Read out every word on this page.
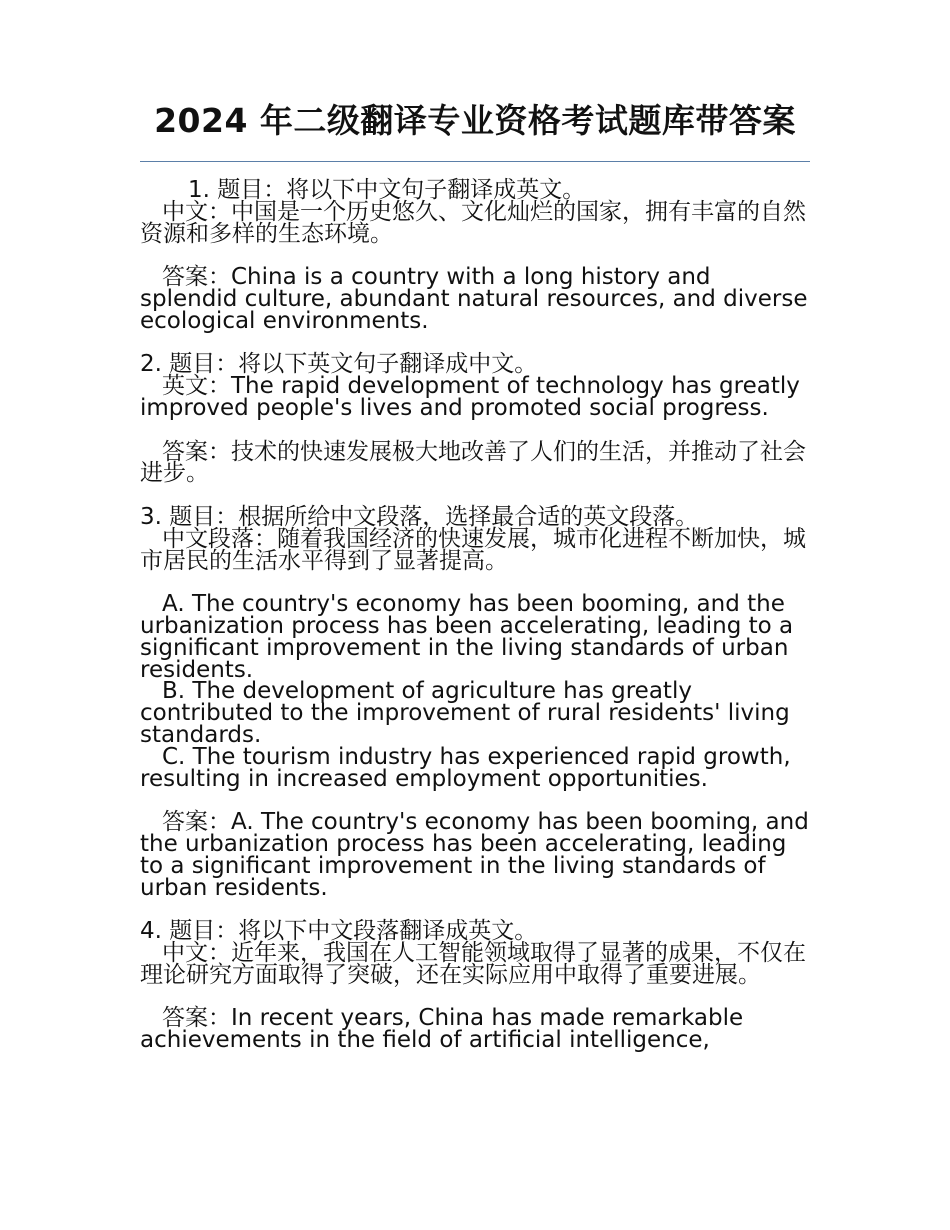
2024 年二级翻译专业资格考试题库带答案

1. 题目：将以下中文句子翻译成英文。

中文：中国是一个历史悠久、文化灿烂的国家，拥有丰富的自然资源和多样的生态环境。

答案：China is a country with a long history and splendid culture, abundant natural resources, and diverse ecological environments.

2. 题目：将以下英文句子翻译成中文。

英文：The rapid development of technology has greatly improved people's lives and promoted social progress.

答案：技术的快速发展极大地改善了人们的生活，并推动了社会进步。

3. 题目：根据所给中文段落，选择最合适的英文段落。

中文段落：随着我国经济的快速发展，城市化进程不断加快，城市居民的生活水平得到了显著提高。

A. The country's economy has been booming, and the urbanization process has been accelerating, leading to a significant improvement in the living standards of urban residents.

B. The development of agriculture has greatly contributed to the improvement of rural residents' living standards.

C. The tourism industry has experienced rapid growth, resulting in increased employment opportunities.

答案：A. The country's economy has been booming, and the urbanization process has been accelerating, leading to a significant improvement in the living standards of urban residents.

4. 题目：将以下中文段落翻译成英文。

中文：近年来，我国在人工智能领域取得了显著的成果，不仅在理论研究方面取得了突破，还在实际应用中取得了重要进展。

答案：In recent years, China has made remarkable achievements in the field of artificial intelligence,
